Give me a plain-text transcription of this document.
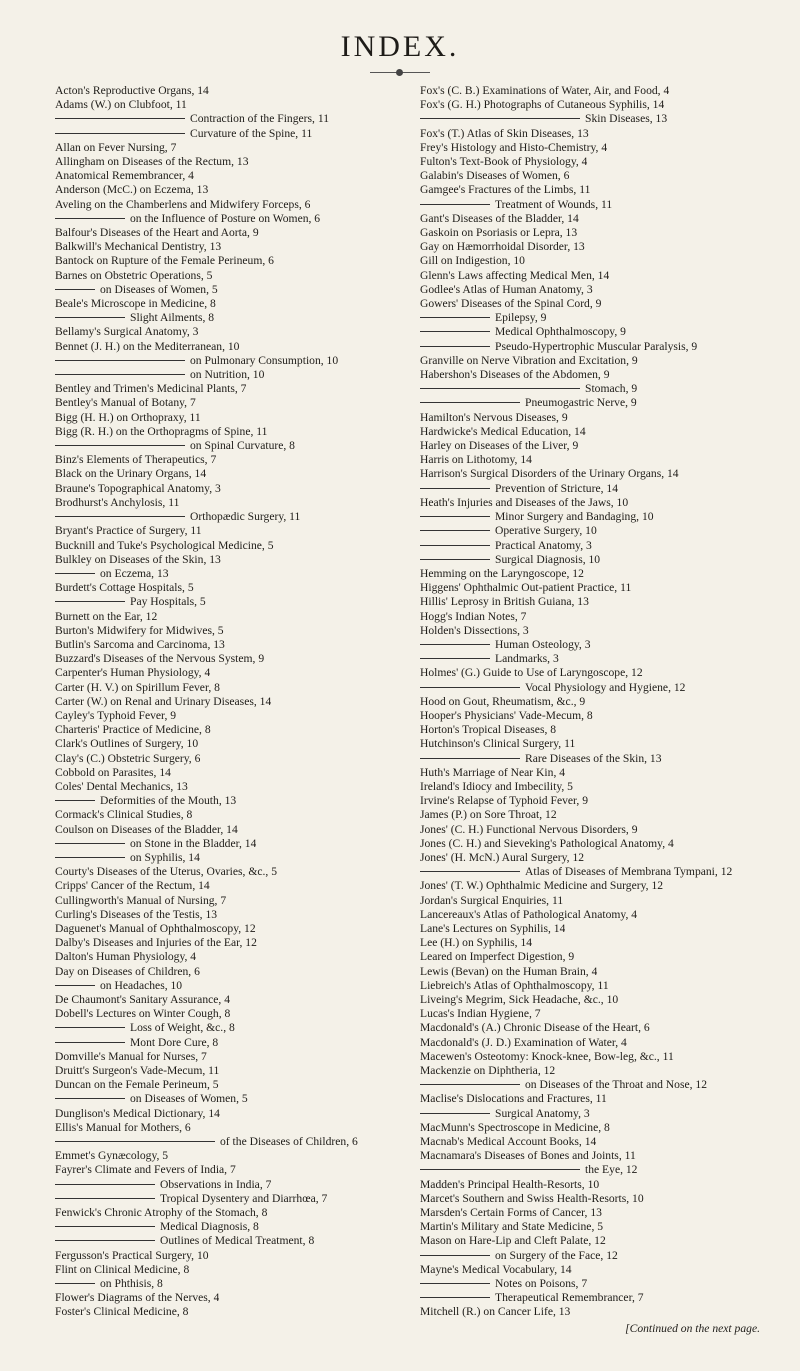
INDEX.
Acton's Reproductive Organs, 14
Adams (W.) on Clubfoot, 11
Contraction of the Fingers, 11
Curvature of the Spine, 11
Allan on Fever Nursing, 7
Allingham on Diseases of the Rectum, 13
Anatomical Remembrancer, 4
Anderson (McC.) on Eczema, 13
Aveling on the Chamberlens and Midwifery Forceps, 6
on the Influence of Posture on Women, 6
Balfour's Diseases of the Heart and Aorta, 9
Balkwill's Mechanical Dentistry, 13
Bantock on Rupture of the Female Perineum, 6
Barnes on Obstetric Operations, 5
on Diseases of Women, 5
Beale's Microscope in Medicine, 8
Slight Ailments, 8
Bellamy's Surgical Anatomy, 3
Bennet (J. H.) on the Mediterranean, 10
on Pulmonary Consumption, 10
on Nutrition, 10
Bentley and Trimen's Medicinal Plants, 7
Bentley's Manual of Botany, 7
Bigg (H. H.) on Orthopraxy, 11
Bigg (R. H.) on the Orthopragms of Spine, 11
on Spinal Curvature, 8
Binz's Elements of Therapeutics, 7
Black on the Urinary Organs, 14
Braune's Topographical Anatomy, 3
Brodhurst's Anchylosis, 11
Orthopædic Surgery, 11
Bryant's Practice of Surgery, 11
Bucknill and Tuke's Psychological Medicine, 5
Bulkley on Diseases of the Skin, 13
on Eczema, 13
Burdett's Cottage Hospitals, 5
Pay Hospitals, 5
Burnett on the Ear, 12
Burton's Midwifery for Midwives, 5
Butlin's Sarcoma and Carcinoma, 13
Buzzard's Diseases of the Nervous System, 9
Carpenter's Human Physiology, 4
Carter (H. V.) on Spirillum Fever, 8
Carter (W.) on Renal and Urinary Diseases, 14
Cayley's Typhoid Fever, 9
Charteris' Practice of Medicine, 8
Clark's Outlines of Surgery, 10
Clay's (C.) Obstetric Surgery, 6
Cobbold on Parasites, 14
Coles' Dental Mechanics, 13
Deformities of the Mouth, 13
Cormack's Clinical Studies, 8
Coulson on Diseases of the Bladder, 14
on Stone in the Bladder, 14
on Syphilis, 14
Courty's Diseases of the Uterus, Ovaries, &c., 5
Cripps' Cancer of the Rectum, 14
Cullingworth's Manual of Nursing, 7
Curling's Diseases of the Testis, 13
Daguenet's Manual of Ophthalmoscopy, 12
Dalby's Diseases and Injuries of the Ear, 12
Dalton's Human Physiology, 4
Day on Diseases of Children, 6
on Headaches, 10
De Chaumont's Sanitary Assurance, 4
Dobell's Lectures on Winter Cough, 8
Loss of Weight, &c., 8
Mont Dore Cure, 8
Domville's Manual for Nurses, 7
Druitt's Surgeon's Vade-Mecum, 11
Duncan on the Female Perineum, 5
on Diseases of Women, 5
Dunglison's Medical Dictionary, 14
Ellis's Manual for Mothers, 6
of the Diseases of Children, 6
Emmet's Gynæcology, 5
Fayrer's Climate and Fevers of India, 7
Observations in India, 7
Tropical Dysentery and Diarrhœa, 7
Fenwick's Chronic Atrophy of the Stomach, 8
Medical Diagnosis, 8
Outlines of Medical Treatment, 8
Fergusson's Practical Surgery, 10
Flint on Clinical Medicine, 8
on Phthisis, 8
Flower's Diagrams of the Nerves, 4
Foster's Clinical Medicine, 8
Fox's (C. B.) Examinations of Water, Air, and Food, 4
Fox's (G. H.) Photographs of Cutaneous Syphilis, 14
Skin Diseases, 13
Fox's (T.) Atlas of Skin Diseases, 13
Frey's Histology and Histo-Chemistry, 4
Fulton's Text-Book of Physiology, 4
Galabin's Diseases of Women, 6
Gamgee's Fractures of the Limbs, 11
Treatment of Wounds, 11
Gant's Diseases of the Bladder, 14
Gaskoin on Psoriasis or Lepra, 13
Gay on Hæmorrhoidal Disorder, 13
Gill on Indigestion, 10
Glenn's Laws affecting Medical Men, 14
Godlee's Atlas of Human Anatomy, 3
Gowers' Diseases of the Spinal Cord, 9
Epilepsy, 9
Medical Ophthalmoscopy, 9
Pseudo-Hypertrophic Muscular Paralysis, 9
Granville on Nerve Vibration and Excitation, 9
Habershon's Diseases of the Abdomen, 9
Stomach, 9
Pneumogastric Nerve, 9
Hamilton's Nervous Diseases, 9
Hardwicke's Medical Education, 14
Harley on Diseases of the Liver, 9
Harris on Lithotomy, 14
Harrison's Surgical Disorders of the Urinary Organs, 14
Prevention of Stricture, 14
Heath's Injuries and Diseases of the Jaws, 10
Minor Surgery and Bandaging, 10
Operative Surgery, 10
Practical Anatomy, 3
Surgical Diagnosis, 10
Hemming on the Laryngoscope, 12
Higgens' Ophthalmic Out-patient Practice, 11
Hillis' Leprosy in British Guiana, 13
Hogg's Indian Notes, 7
Holden's Dissections, 3
Human Osteology, 3
Landmarks, 3
Holmes' (G.) Guide to Use of Laryngoscope, 12
Vocal Physiology and Hygiene, 12
Hood on Gout, Rheumatism, &c., 9
Hooper's Physicians' Vade-Mecum, 8
Horton's Tropical Diseases, 8
Hutchinson's Clinical Surgery, 11
Rare Diseases of the Skin, 13
Huth's Marriage of Near Kin, 4
Ireland's Idiocy and Imbecility, 5
Irvine's Relapse of Typhoid Fever, 9
James (P.) on Sore Throat, 12
Jones' (C. H.) Functional Nervous Disorders, 9
Jones (C. H.) and Sieveking's Pathological Anatomy, 4
Jones' (H. McN.) Aural Surgery, 12
Atlas of Diseases of Membrana Tympani, 12
Jones' (T. W.) Ophthalmic Medicine and Surgery, 12
Jordan's Surgical Enquiries, 11
Lancereaux's Atlas of Pathological Anatomy, 4
Lane's Lectures on Syphilis, 14
Lee (H.) on Syphilis, 14
Leared on Imperfect Digestion, 9
Lewis (Bevan) on the Human Brain, 4
Liebreich's Atlas of Ophthalmoscopy, 11
Liveing's Megrim, Sick Headache, &c., 10
Lucas's Indian Hygiene, 7
Macdonald's (A.) Chronic Disease of the Heart, 6
Macdonald's (J. D.) Examination of Water, 4
Macewen's Osteotomy: Knock-knee, Bow-leg, &c., 11
Mackenzie on Diphtheria, 12
on Diseases of the Throat and Nose, 12
Maclise's Dislocations and Fractures, 11
Surgical Anatomy, 3
MacMunn's Spectroscope in Medicine, 8
Macnab's Medical Account Books, 14
Macnamara's Diseases of Bones and Joints, 11
the Eye, 12
Madden's Principal Health-Resorts, 10
Marcet's Southern and Swiss Health-Resorts, 10
Marsden's Certain Forms of Cancer, 13
Martin's Military and State Medicine, 5
Mason on Hare-Lip and Cleft Palate, 12
on Surgery of the Face, 12
Mayne's Medical Vocabulary, 14
Notes on Poisons, 7
Therapeutical Remembrancer, 7
Mitchell (R.) on Cancer Life, 13
[Continued on the next page.
